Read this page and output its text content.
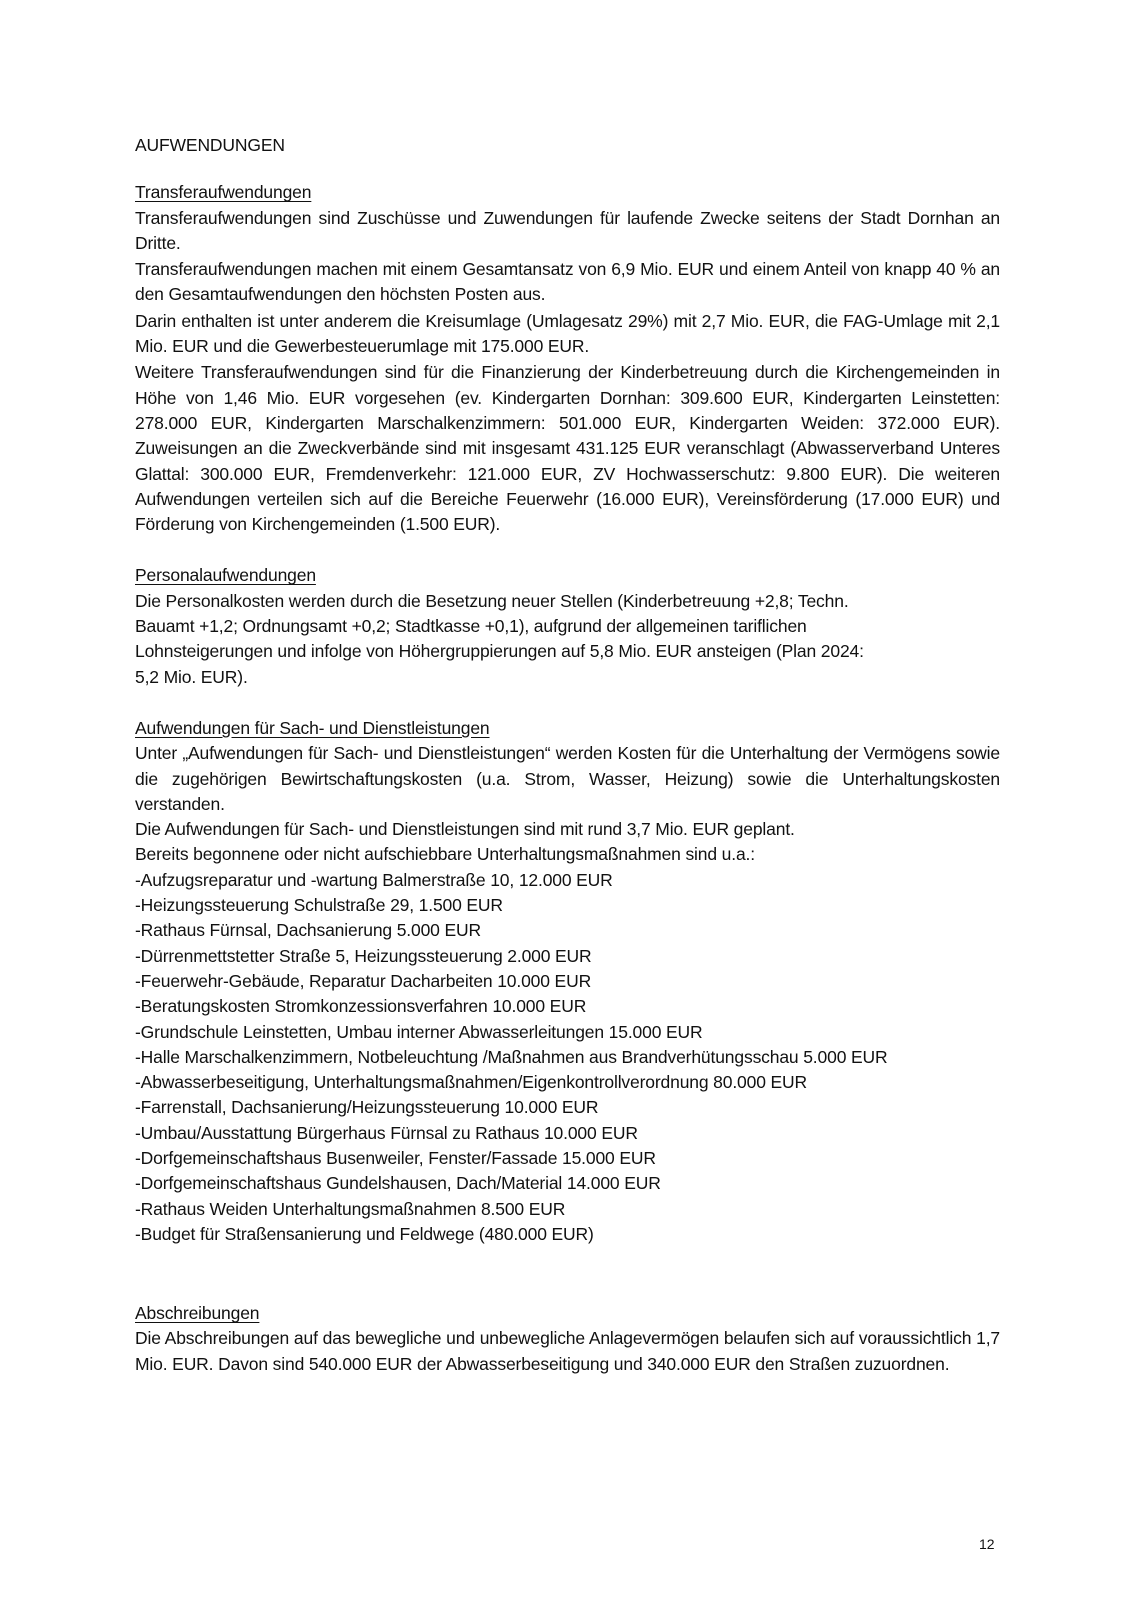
AUFWENDUNGEN

Transferaufwendungen

Transferaufwendungen sind Zuschüsse und Zuwendungen für laufende Zwecke seitens der Stadt Dornhan an Dritte.

Transferaufwendungen machen mit einem Gesamtansatz von 6,9 Mio. EUR und einem Anteil von knapp 40 % an den Gesamtaufwendungen den höchsten Posten aus.

Darin enthalten ist unter anderem die Kreisumlage (Umlagesatz 29%) mit 2,7 Mio. EUR, die FAG-Umlage mit 2,1 Mio. EUR und die Gewerbesteuerumlage mit 175.000 EUR.

Weitere Transferaufwendungen sind für die Finanzierung der Kinderbetreuung durch die Kirchengemeinden in Höhe von 1,46 Mio. EUR vorgesehen (ev. Kindergarten Dornhan: 309.600 EUR, Kindergarten Leinstetten: 278.000 EUR, Kindergarten Marschalkenzimmern: 501.000 EUR, Kindergarten Weiden: 372.000 EUR). Zuweisungen an die Zweckverbände sind mit insgesamt 431.125 EUR veranschlagt (Abwasserverband Unteres Glattal: 300.000 EUR, Fremdenverkehr: 121.000 EUR, ZV Hochwasserschutz: 9.800 EUR). Die weiteren Aufwendungen verteilen sich auf die Bereiche Feuerwehr (16.000 EUR), Vereinsförderung (17.000 EUR) und Förderung von Kirchengemeinden (1.500 EUR).

Personalaufwendungen

Die Personalkosten werden durch die Besetzung neuer Stellen (Kinderbetreuung +2,8; Techn.

Bauamt +1,2; Ordnungsamt +0,2; Stadtkasse +0,1), aufgrund der allgemeinen tariflichen

Lohnsteigerungen und infolge von Höhergruppierungen auf 5,8 Mio. EUR ansteigen (Plan 2024:

5,2 Mio. EUR).

Aufwendungen für Sach- und Dienstleistungen

Unter „Aufwendungen für Sach- und Dienstleistungen“ werden Kosten für die Unterhaltung der Vermögens sowie die zugehörigen Bewirtschaftungskosten (u.a. Strom, Wasser, Heizung) sowie die Unterhaltungskosten verstanden.

Die Aufwendungen für Sach- und Dienstleistungen sind mit rund 3,7 Mio. EUR geplant.

Bereits begonnene oder nicht aufschiebbare Unterhaltungsmaßnahmen sind u.a.:

-Aufzugsreparatur und -wartung Balmerstraße 10, 12.000 EUR

-Heizungssteuerung Schulstraße 29, 1.500 EUR

-Rathaus Fürnsal, Dachsanierung 5.000 EUR

-Dürrenmettstetter Straße 5, Heizungssteuerung 2.000 EUR

-Feuerwehr-Gebäude, Reparatur Dacharbeiten 10.000 EUR

-Beratungskosten Stromkonzessionsverfahren 10.000 EUR

-Grundschule Leinstetten, Umbau interner Abwasserleitungen 15.000 EUR

-Halle Marschalkenzimmern, Notbeleuchtung /Maßnahmen aus Brandverhütungsschau 5.000 EUR

-Abwasserbeseitigung, Unterhaltungsmaßnahmen/Eigenkontrollverordnung 80.000 EUR

-Farrenstall, Dachsanierung/Heizungssteuerung 10.000 EUR

-Umbau/Ausstattung Bürgerhaus Fürnsal zu Rathaus 10.000 EUR

-Dorfgemeinschaftshaus Busenweiler, Fenster/Fassade 15.000 EUR

-Dorfgemeinschaftshaus Gundelshausen, Dach/Material 14.000 EUR

-Rathaus Weiden Unterhaltungsmaßnahmen 8.500 EUR

-Budget für Straßensanierung und Feldwege (480.000 EUR)

Abschreibungen

Die Abschreibungen auf das bewegliche und unbewegliche Anlagevermögen belaufen sich auf voraussichtlich 1,7 Mio. EUR. Davon sind 540.000 EUR der Abwasserbeseitigung und 340.000 EUR den Straßen zuzuordnen.

12
